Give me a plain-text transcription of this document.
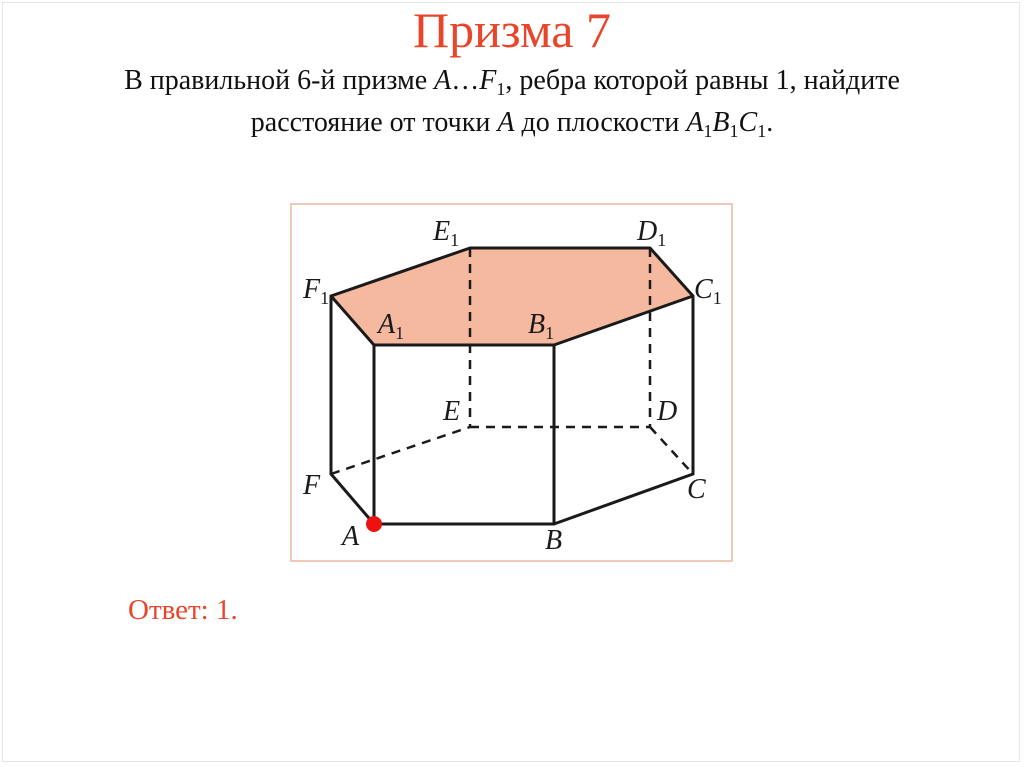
Призма 7
В правильной 6-й призме $A\dots F_1$, ребра которой равны 1, найдите
расстояние от точки A до плоскости $A_1B_1C_1$.
$E_1$	$D_1$
$F_1$	$C_1$
$A_1$	$B_1$
E	D
F	C
A	B
Ответ: 1.
